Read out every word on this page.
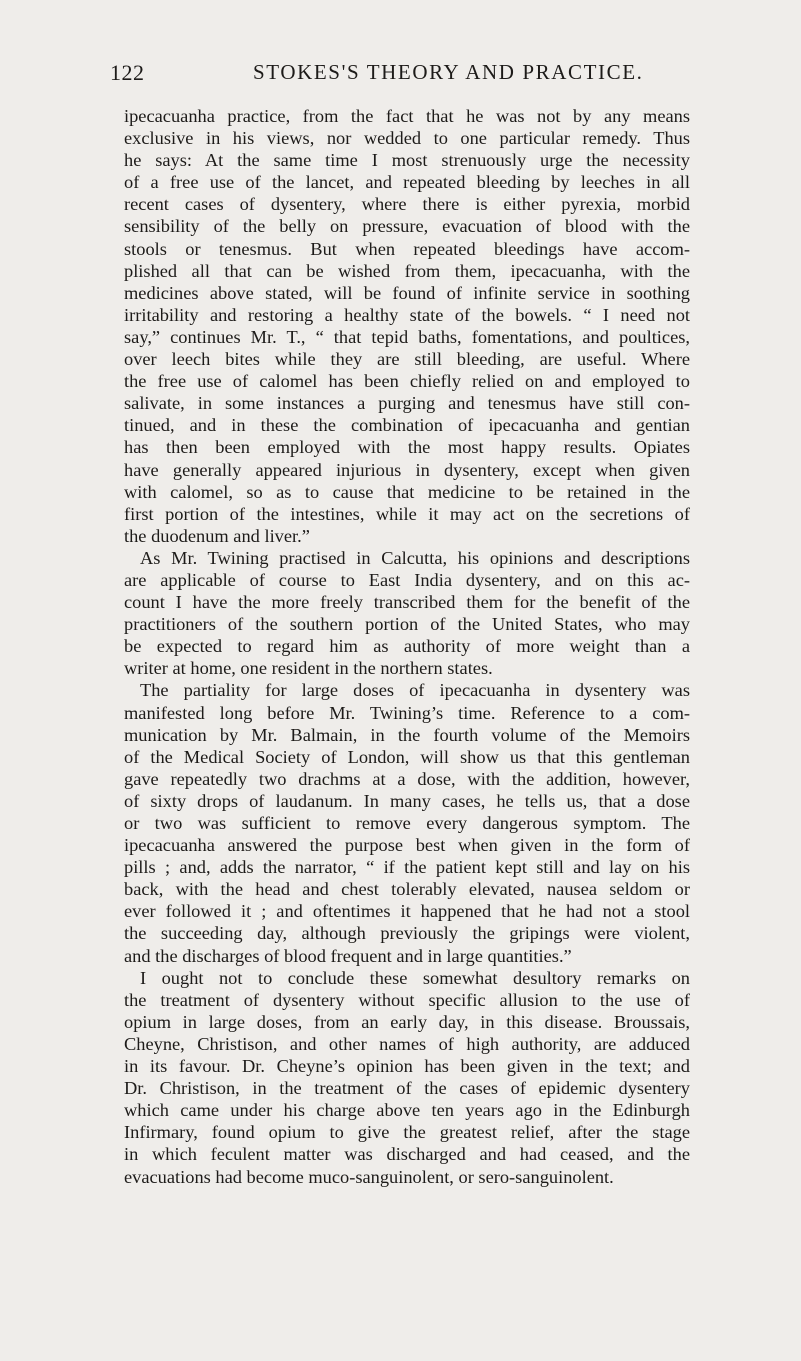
122	STOKES'S THEORY AND PRACTICE.
ipecacuanha practice, from the fact that he was not by any means
exclusive in his views, nor wedded to one particular remedy. Thus
he says: At the same time I most strenuously urge the necessity
of a free use of the lancet, and repeated bleeding by leeches in all
recent cases of dysentery, where there is either pyrexia, morbid
sensibility of the belly on pressure, evacuation of blood with the
stools or tenesmus. But when repeated bleedings have accom-
plished all that can be wished from them, ipecacuanha, with the
medicines above stated, will be found of infinite service in soothing
irritability and restoring a healthy state of the bowels. “ I need not
say,” continues Mr. T., “ that tepid baths, fomentations, and poultices,
over leech bites while they are still bleeding, are useful. Where
the free use of calomel has been chiefly relied on and employed to
salivate, in some instances a purging and tenesmus have still con-
tinued, and in these the combination of ipecacuanha and gentian
has then been employed with the most happy results. Opiates
have generally appeared injurious in dysentery, except when given
with calomel, so as to cause that medicine to be retained in the
first portion of the intestines, while it may act on the secretions of
the duodenum and liver.”
As Mr. Twining practised in Calcutta, his opinions and descriptions
are applicable of course to East India dysentery, and on this ac-
count I have the more freely transcribed them for the benefit of the
practitioners of the southern portion of the United States, who may
be expected to regard him as authority of more weight than a
writer at home, one resident in the northern states.
The partiality for large doses of ipecacuanha in dysentery was
manifested long before Mr. Twining’s time. Reference to a com-
munication by Mr. Balmain, in the fourth volume of the Memoirs
of the Medical Society of London, will show us that this gentleman
gave repeatedly two drachms at a dose, with the addition, however,
of sixty drops of laudanum. In many cases, he tells us, that a dose
or two was sufficient to remove every dangerous symptom. The
ipecacuanha answered the purpose best when given in the form of
pills ; and, adds the narrator, “ if the patient kept still and lay on his
back, with the head and chest tolerably elevated, nausea seldom or
ever followed it ; and oftentimes it happened that he had not a stool
the succeeding day, although previously the gripings were violent,
and the discharges of blood frequent and in large quantities.”
I ought not to conclude these somewhat desultory remarks on
the treatment of dysentery without specific allusion to the use of
opium in large doses, from an early day, in this disease. Broussais,
Cheyne, Christison, and other names of high authority, are adduced
in its favour. Dr. Cheyne’s opinion has been given in the text; and
Dr. Christison, in the treatment of the cases of epidemic dysentery
which came under his charge above ten years ago in the Edinburgh
Infirmary, found opium to give the greatest relief, after the stage
in which feculent matter was discharged and had ceased, and the
evacuations had become muco-sanguinolent, or sero-sanguinolent.
